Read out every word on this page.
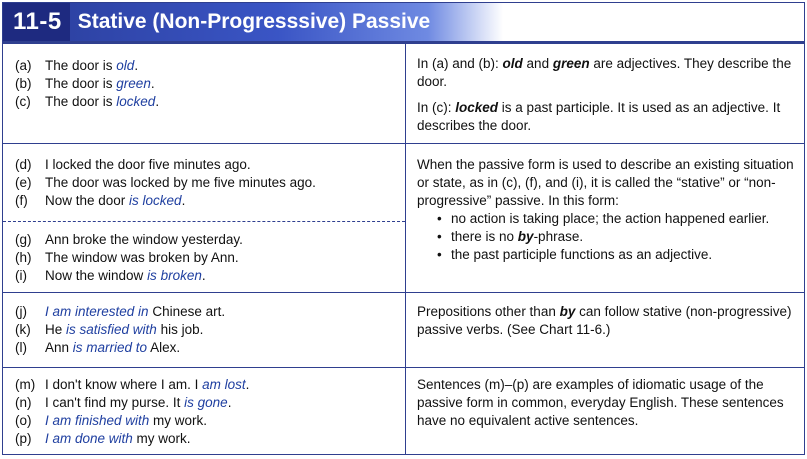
11-5 Stative (Non-Progresssive) Passive
(a) The door is old.
(b) The door is green.
(c) The door is locked.
(d) I locked the door five minutes ago.
(e) The door was locked by me five minutes ago.
(f) Now the door is locked.
(g) Ann broke the window yesterday.
(h) The window was broken by Ann.
(i) Now the window is broken.
(j) I am interested in Chinese art.
(k) He is satisfied with his job.
(l) Ann is married to Alex.
(m) I don't know where I am. I am lost.
(n) I can't find my purse. It is gone.
(o) I am finished with my work.
(p) I am done with my work.

In (a) and (b): old and green are adjectives. They describe the door.

In (c): locked is a past participle. It is used as an adjective. It describes the door.

When the passive form is used to describe an existing situation or state, as in (c), (f), and (i), it is called the “stative” or “non-progressive” passive. In this form:

• no action is taking place; the action happened earlier.
• there is no by-phrase.
• the past participle functions as an adjective.

Prepositions other than by can follow stative (non-progressive) passive verbs. (See Chart 11-6.)

Sentences (m)–(p) are examples of idiomatic usage of the passive form in common, everyday English. These sentences have no equivalent active sentences.
